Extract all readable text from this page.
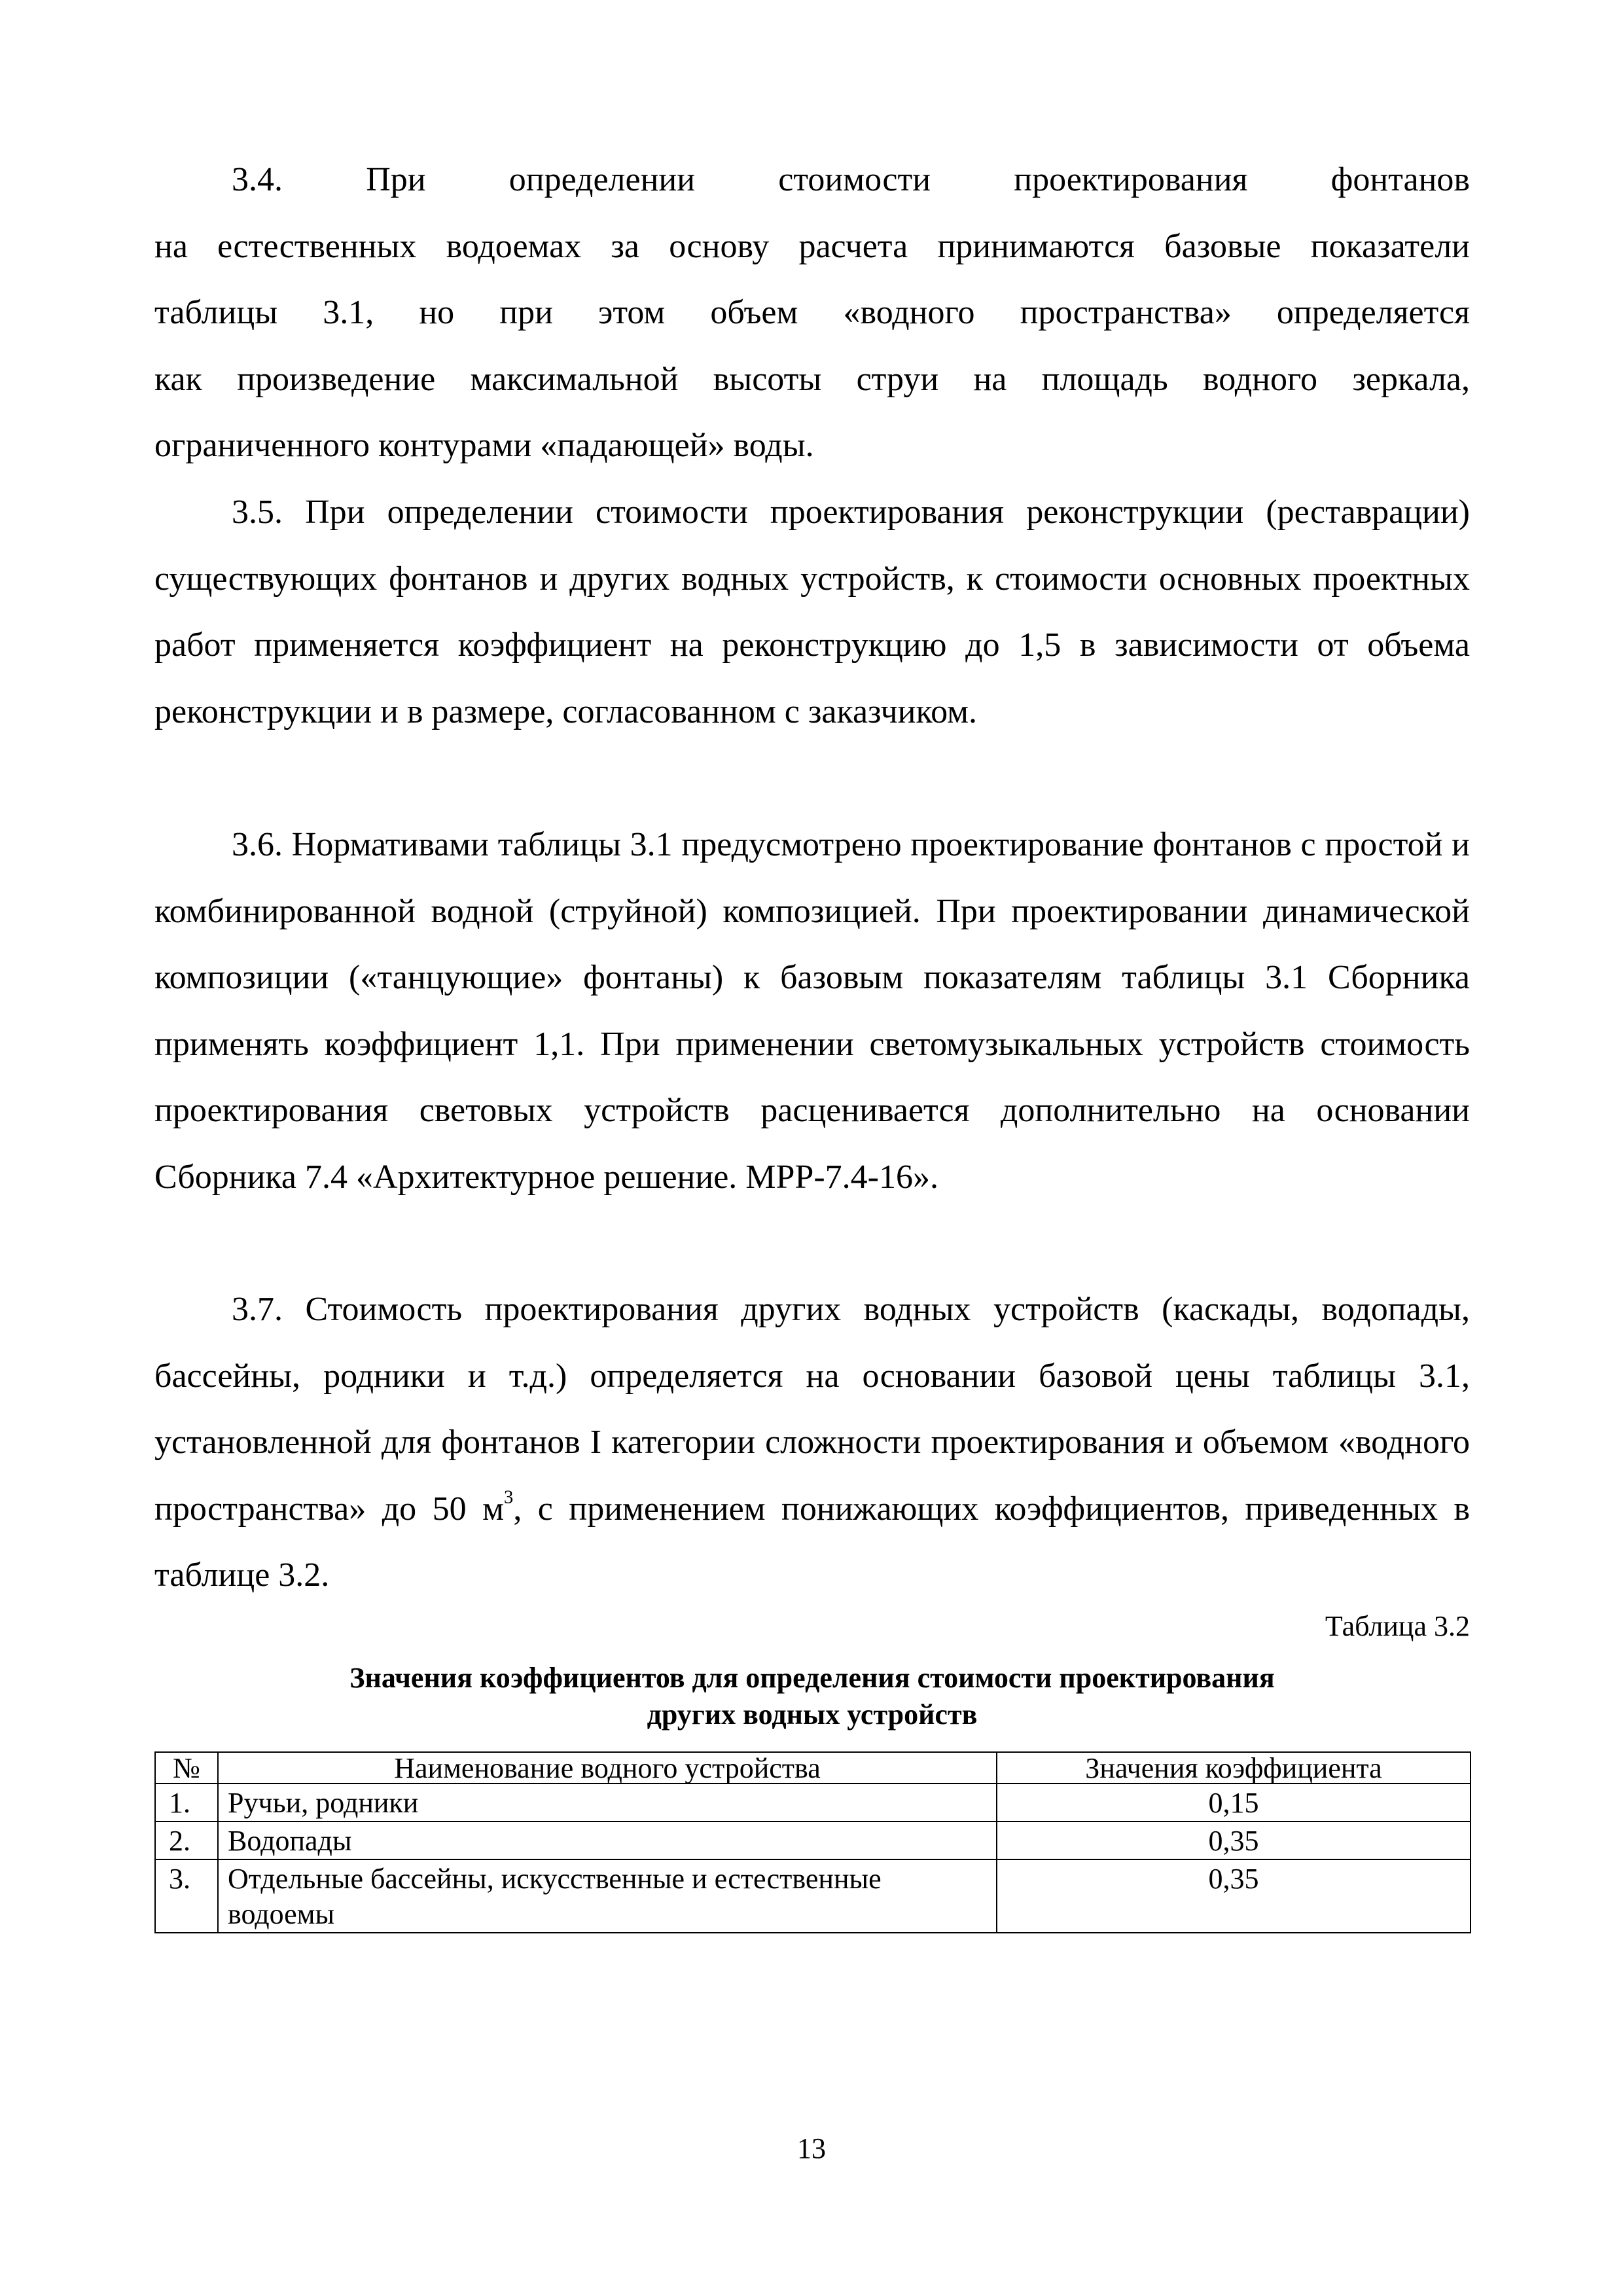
3.4. При определении стоимости проектирования фонтанов
на естественных водоемах за основу расчета принимаются базовые показатели
таблицы 3.1, но при этом объем «водного пространства» определяется
как произведение максимальной высоты струи на площадь водного зеркала,
ограниченного контурами «падающей» воды.

3.5. При определении стоимости проектирования реконструкции (реставрации) существующих фонтанов и других водных устройств, к стоимости основных проектных работ применяется коэффициент на реконструкцию до 1,5 в зависимости от объема реконструкции и в размере, согласованном с заказчиком.

3.6. Нормативами таблицы 3.1 предусмотрено проектирование фонтанов с простой и комбинированной водной (струйной) композицией. При проектировании динамической композиции («танцующие» фонтаны) к базовым показателям таблицы 3.1 Сборника применять коэффициент 1,1. При применении светомузыкальных устройств стоимость проектирования световых устройств расценивается дополнительно на основании Сборника 7.4 «Архитектурное решение. МРР-7.4-16».

3.7. Стоимость проектирования других водных устройств (каскады, водопады, бассейны, родники и т.д.) определяется на основании базовой цены таблицы 3.1, установленной для фонтанов I категории сложности проектирования и объемом «водного пространства» до 50 $м^3$, с применением понижающих коэффициентов, приведенных в таблице 3.2.

Таблица 3.2
Значения коэффициентов для определения стоимости проектирования
других водных устройств
№	Наименование водного устройства	Значения коэффициента
1.	Ручьи, родники	0,15
2.	Водопады	0,35
3.	Отдельные бассейны, искусственные и естественные водоемы	0,35
13
